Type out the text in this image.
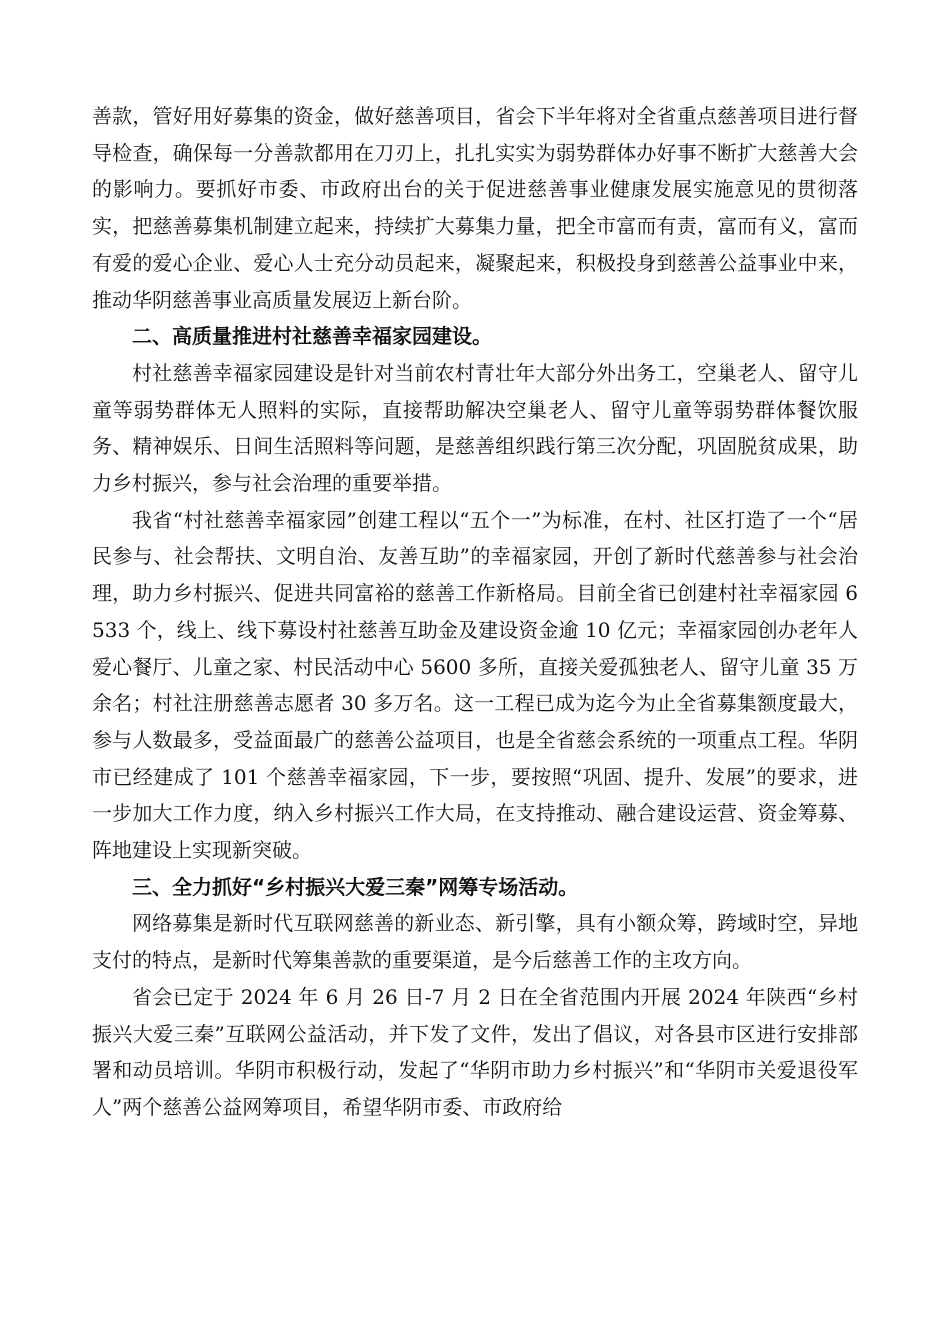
善款，管好用好募集的资金，做好慈善项目，省会下半年将对全省重点慈善项目进行督导检查，确保每一分善款都用在刀刃上，扎扎实实为弱势群体办好事不断扩大慈善大会的影响力。要抓好市委、市政府出台的关于促进慈善事业健康发展实施意见的贯彻落实，把慈善募集机制建立起来，持续扩大募集力量，把全市富而有责，富而有义，富而有爱的爱心企业、爱心人士充分动员起来，凝聚起来，积极投身到慈善公益事业中来，推动华阴慈善事业高质量发展迈上新台阶。

二、高质量推进村社慈善幸福家园建设。

村社慈善幸福家园建设是针对当前农村青壮年大部分外出务工，空巢老人、留守儿童等弱势群体无人照料的实际，直接帮助解决空巢老人、留守儿童等弱势群体餐饮服务、精神娱乐、日间生活照料等问题，是慈善组织践行第三次分配，巩固脱贫成果，助力乡村振兴，参与社会治理的重要举措。

我省“村社慈善幸福家园”创建工程以“五个一”为标准，在村、社区打造了一个“居民参与、社会帮扶、文明自治、友善互助”的幸福家园，开创了新时代慈善参与社会治理，助力乡村振兴、促进共同富裕的慈善工作新格局。目前全省已创建村社幸福家园 6533 个，线上、线下募设村社慈善互助金及建设资金逾 10 亿元；幸福家园创办老年人爱心餐厅、儿童之家、村民活动中心 5600 多所，直接关爱孤独老人、留守儿童 35 万余名；村社注册慈善志愿者 30 多万名。这一工程已成为迄今为止全省募集额度最大，参与人数最多，受益面最广的慈善公益项目，也是全省慈会系统的一项重点工程。华阴市已经建成了 101 个慈善幸福家园，下一步，要按照“巩固、提升、发展”的要求，进一步加大工作力度，纳入乡村振兴工作大局，在支持推动、融合建设运营、资金筹募、阵地建设上实现新突破。

三、全力抓好“乡村振兴大爱三秦”网筹专场活动。

网络募集是新时代互联网慈善的新业态、新引擎，具有小额众筹，跨域时空，异地支付的特点，是新时代筹集善款的重要渠道，是今后慈善工作的主攻方向。

省会已定于 2024 年 6 月 26 日-7 月 2 日在全省范围内开展 2024 年陕西“乡村振兴大爱三秦”互联网公益活动，并下发了文件，发出了倡议，对各县市区进行安排部署和动员培训。华阴市积极行动，发起了“华阴市助力乡村振兴”和“华阴市关爱退役军人”两个慈善公益网筹项目，希望华阴市委、市政府给
